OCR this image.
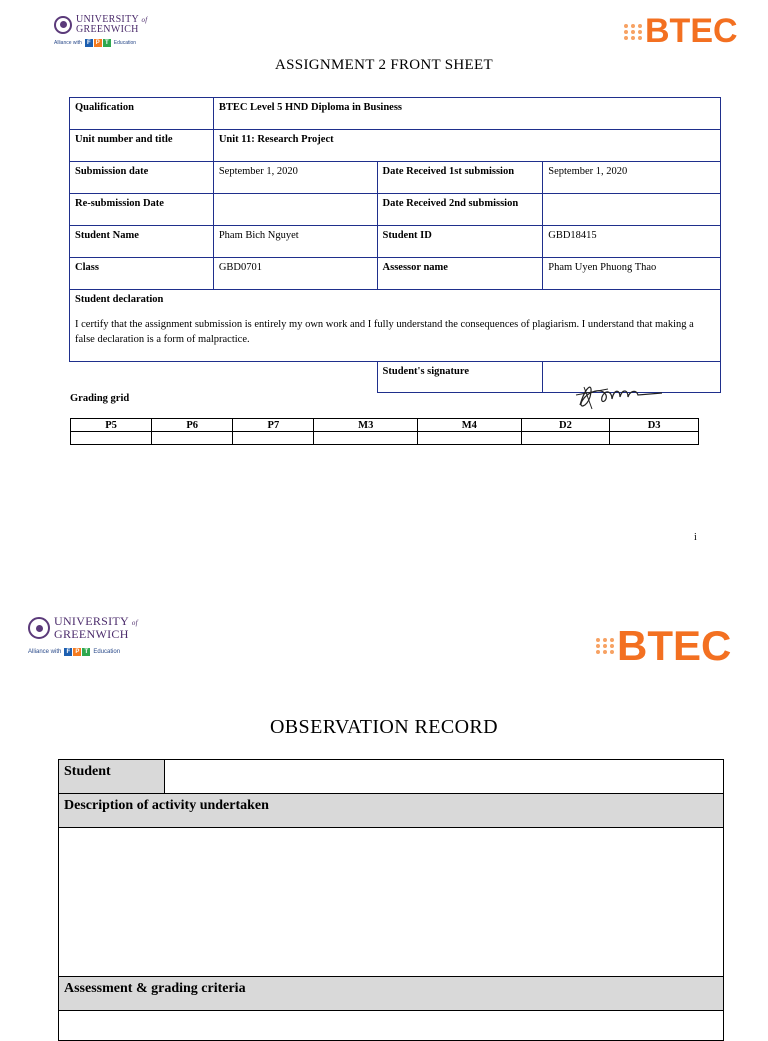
UNIVERSITY of
GREENWICH
Alliance with F P T	Education	BTEC
ASSIGNMENT 2 FRONT SHEET
Qualification	BTEC Level 5 HND Diploma in Business		
Unit number and title	Unit 11: Research Project		
Submission date	September 1, 2020	Date Received 1st submission	September 1, 2020
Re-submission Date		Date Received 2nd submission	
Student Name	Pham Bich Nguyet	Student ID	GBD18415
Class	GBD0701	Assessor name	Pham Uyen Phuong Thao

Student declaration
I certify that the assignment submission is entirely my own work and I fully understand the consequences of plagiarism. I understand that making a false declaration is a form of malpractice.			

		Student's signature	
Grading grid
P5	P6	P7	M3	M4	D2	D3

i
UNIVERSITY of
GREENWICH
Alliance with F P T Education	BTEC
OBSERVATION RECORD
Student	
Description of activity undertaken

Assessment & grading criteria
